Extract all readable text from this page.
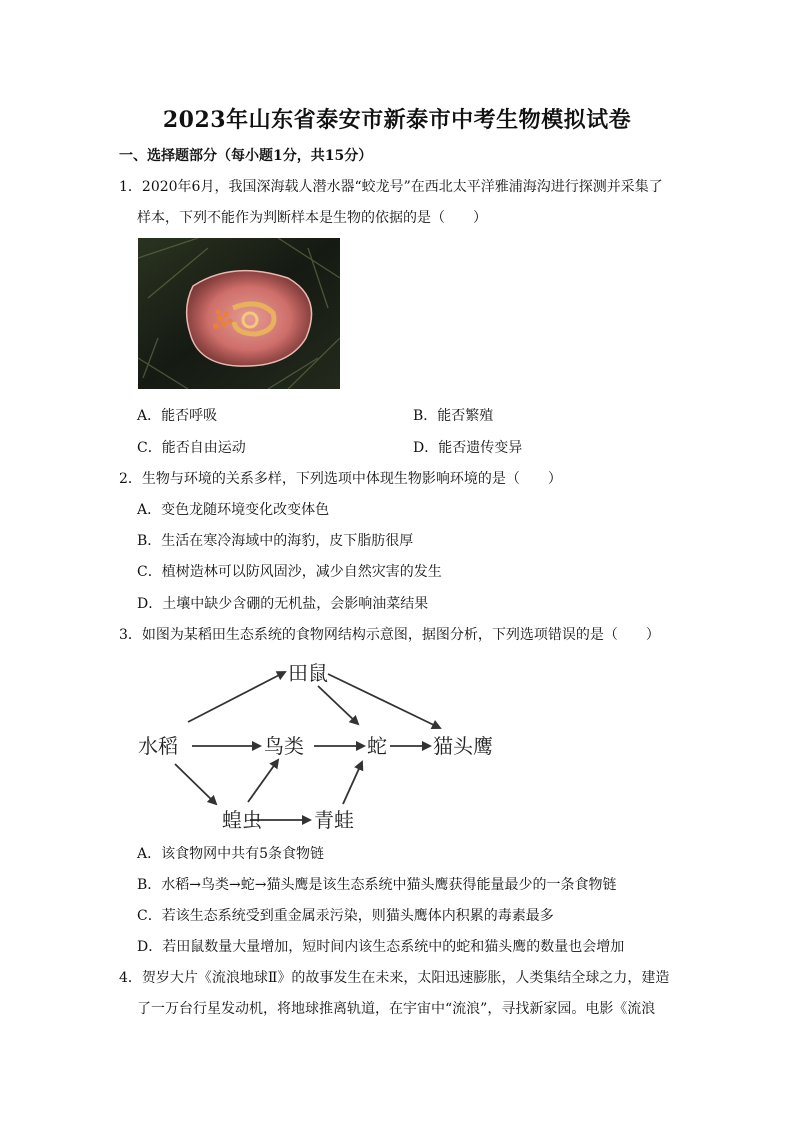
2023年山东省泰安市新泰市中考生物模拟试卷
一、选择题部分（每小题1分，共15分）
1．2020年6月，我国深海载人潜水器“蛟龙号”在西北太平洋雅浦海沟进行探测并采集了
样本，下列不能作为判断样本是生物的依据的是（　　）
A．能否呼吸	B．能否繁殖
C．能否自由运动	D．能否遗传变异
2．生物与环境的关系多样，下列选项中体现生物影响环境的是（　　）
A．变色龙随环境变化改变体色
B．生活在寒冷海域中的海豹，皮下脂肪很厚
C．植树造林可以防风固沙，减少自然灾害的发生
D．土壤中缺少含硼的无机盐，会影响油菜结果
3．如图为某稻田生态系统的食物网结构示意图，据图分析，下列选项错误的是（　　）
田鼠
水稻	鸟类	蛇 猫头鹰
蝗虫	青蛙
A．该食物网中共有5条食物链
B．水稻→鸟类→蛇→猫头鹰是该生态系统中猫头鹰获得能量最少的一条食物链
C．若该生态系统受到重金属汞污染，则猫头鹰体内积累的毒素最多
D．若田鼠数量大量增加，短时间内该生态系统中的蛇和猫头鹰的数量也会增加
4．贺岁大片《流浪地球Ⅱ》的故事发生在未来，太阳迅速膨胀，人类集结全球之力，建造
了一万台行星发动机，将地球推离轨道，在宇宙中“流浪”，寻找新家园。电影《流浪
